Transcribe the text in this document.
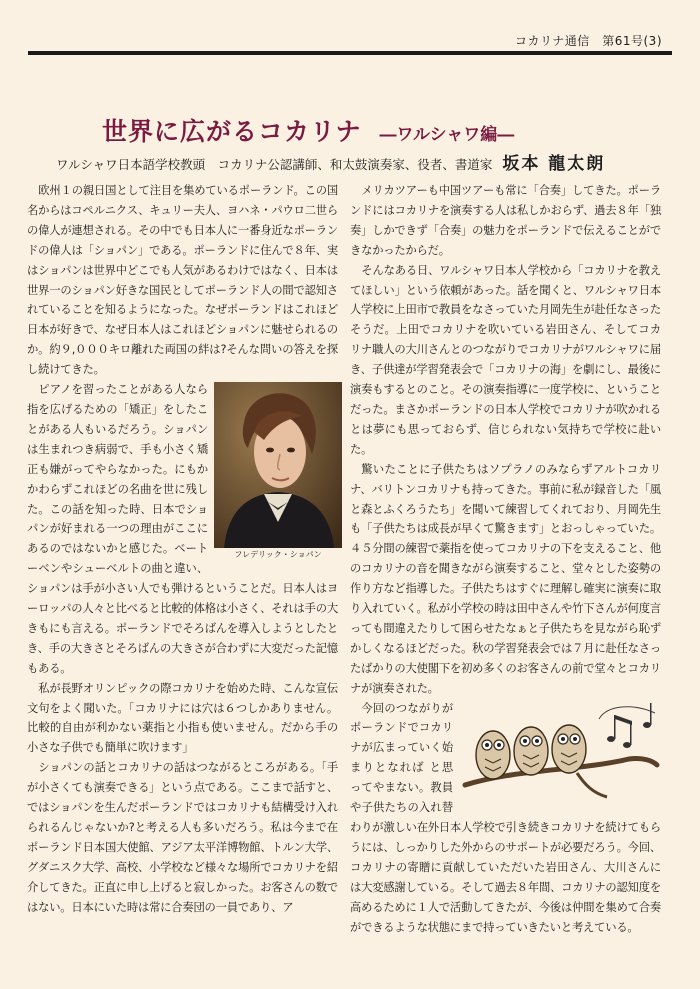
コカリナ通信　第61号(3)
世界に広がるコカリナ ―ワルシャワ編―
ワルシャワ日本語学校教頭　コカリナ公認講師、和太鼓演奏家、役者、書道家 坂本 龍太朗

欧州１の親日国として注目を集めているポーランド。この国名からはコペルニクス、キュリー夫人、ヨハネ・パウロ二世らの偉人が連想される。その中でも日本人に一番身近なポーランドの偉人は「ショパン」である。ポーランドに住んで８年、実はショパンは世界中どこでも人気があるわけではなく、日本は世界一のショパン好きな国民としてポーランド人の間で認知されていることを知るようになった。なぜポーランドはこれほど日本が好きで、なぜ日本人はこれほどショパンに魅せられるのか。約９,０００キロ離れた両国の絆は?そんな問いの答えを探し続けてきた。

フレデリック・ショパン

ピアノを習ったことがある人なら指を広げるための「矯正」をしたことがある人もいるだろう。ショパンは生まれつき病弱で、手も小さく矯正も嫌がってやらなかった。にもかかわらずこれほどの名曲を世に残した。この話を知った時、日本でショパンが好まれる一つの理由がここにあるのではないかと感じた。ベートーベンやシューベルトの曲と違い、ショパンは手が小さい人でも弾けるということだ。日本人はヨーロッパの人々と比べると比較的体格は小さく、それは手の大きもにも言える。ポーランドでそろばんを導入しようとしたとき、手の大きさとそろばんの大きさが合わずに大変だった記憶もある。

私が長野オリンピックの際コカリナを始めた時、こんな宣伝文句をよく聞いた。「コカリナには穴は６つしかありません。比較的自由が利かない薬指と小指も使いません。だから手の小さな子供でも簡単に吹けます」

ショパンの話とコカリナの話はつながるところがある。「手が小さくても演奏できる」という点である。ここまで話すと、ではショパンを生んだポーランドではコカリナも結構受け入れられるんじゃないか?と考える人も多いだろう。私は今まで在ポーランド日本国大使館、アジア太平洋博物館、トルン大学、グダニスク大学、高校、小学校など様々な場所でコカリナを紹介してきた。正直に申し上げると寂しかった。お客さんの数ではない。日本にいた時は常に合奏団の一員であり、ア

メリカツアーも中国ツアーも常に「合奏」してきた。ポーランドにはコカリナを演奏する人は私しかおらず、過去８年「独奏」しかできず「合奏」の魅力をポーランドで伝えることができなかったからだ。

そんなある日、ワルシャワ日本人学校から「コカリナを教えてほしい」という依頼があった。話を聞くと、ワルシャワ日本人学校に上田市で教員をなさっていた月岡先生が赴任なさったそうだ。上田でコカリナを吹いている岩田さん、そしてコカリナ職人の大川さんとのつながりでコカリナがワルシャワに届き、子供達が学習発表会で「コカリナの海」を劇にし、最後に演奏もするとのこと。その演奏指導に一度学校に、ということだった。まさかポーランドの日本人学校でコカリナが吹かれるとは夢にも思っておらず、信じられない気持ちで学校に赴いた。

驚いたことに子供たちはソプラノのみならずアルトコカリナ、バリトンコカリナも持ってきた。事前に私が録音した「風と森とふくろうたち」を聞いて練習してくれており、月岡先生も「子供たちは成長が早くて驚きます」とおっしゃっていた。４５分間の練習で薬指を使ってコカリナの下を支えること、他のコカリナの音を聞きながら演奏すること、堂々とした姿勢の作り方など指導した。子供たちはすぐに理解し確実に演奏に取り入れていく。私が小学校の時は田中さんや竹下さんが何度言っても間違えたりして困らせたなぁと子供たちを見ながら恥ずかしくなるほどだった。秋の学習発表会では７月に赴任なさったばかりの大使閣下を初め多くのお客さんの前で堂々とコカリナが演奏された。

今回のつながりがポーランドでコカリナが広まっていく始まりとなれば と思ってやまない。教員や子供たちの入れ替わりが激しい在外日本人学校で引き続きコカリナを続けてもらうには、しっかりした外からのサポートが必要だろう。今回、コカリナの寄贈に貢献していただいた岩田さん、大川さんには大変感謝している。そして過去８年間、コカリナの認知度を高めるために１人で活動してきたが、今後は仲間を集めて合奏ができるような状態にまで持っていきたいと考えている。
